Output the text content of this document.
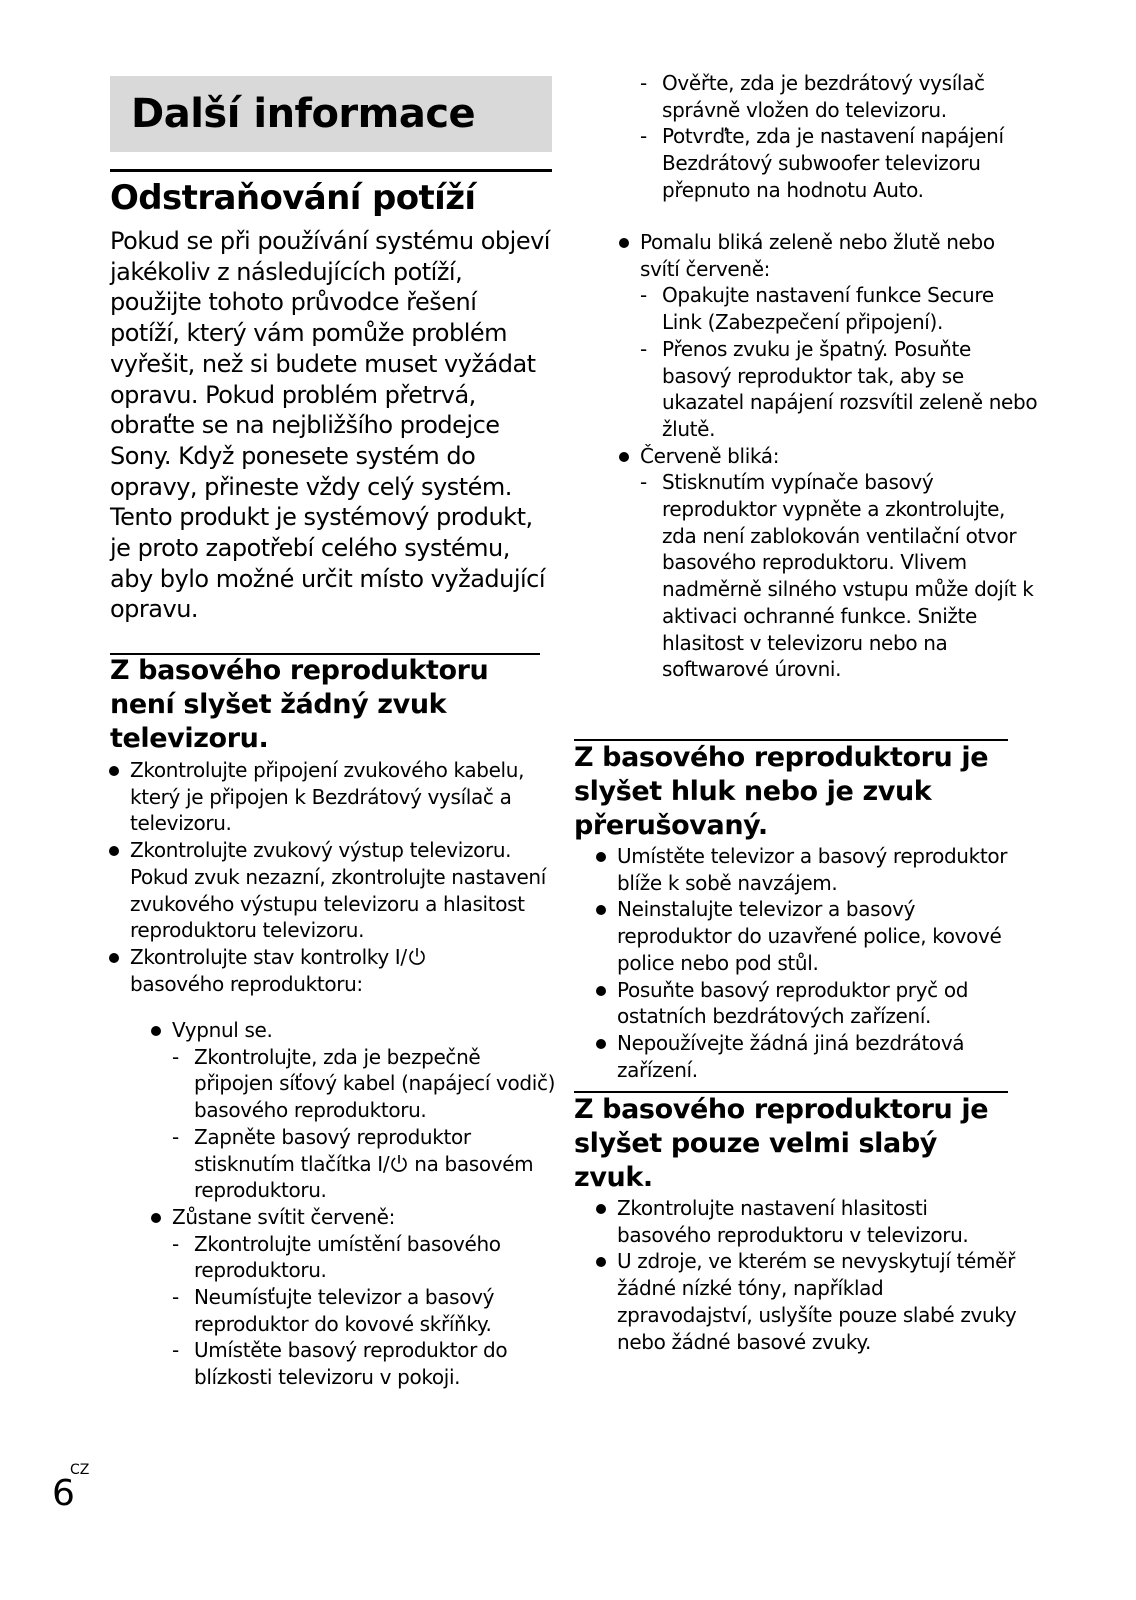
Další informace
Odstraňování potíží

Pokud se při používání systému objeví jakékoliv z následujících potíží, použijte tohoto průvodce řešení potíží, který vám pomůže problém vyřešit, než si budete muset vyžádat opravu. Pokud problém přetrvá, obraťte se na nejbližšího prodejce Sony. Když ponesete systém do opravy, přineste vždy celý systém. Tento produkt je systémový produkt, je proto zapotřebí celého systému, aby bylo možné určit místo vyžadující opravu.

Z basového reproduktoru není slyšet žádný zvuk televizoru.
Zkontrolujte připojení zvukového kabelu, který je připojen k Bezdrátový vysílač a televizoru.
Zkontrolujte zvukový výstup televizoru. Pokud zvuk nezazní, zkontrolujte nastavení zvukového výstupu televizoru a hlasitost reproduktoru televizoru.
Zkontrolujte stav kontrolky I/
basového reproduktoru:
Vypnul se.
- Zkontrolujte, zda je bezpečně připojen síťový kabel (napájecí vodič) basového reproduktoru.
- Zapněte basový reproduktor stisknutím tlačítka I/ na basovém reproduktoru.
Zůstane svítit červeně:
- Zkontrolujte umístění basového reproduktoru.
- Neumísťujte televizor a basový reproduktor do kovové skříňky.
- Umístěte basový reproduktor do blízkosti televizoru v pokoji.
6
CZ
- Ověřte, zda je bezdrátový vysílač správně vložen do televizoru.
- Potvrďte, zda je nastavení napájení Bezdrátový subwoofer televizoru přepnuto na hodnotu Auto.
Pomalu bliká zeleně nebo žlutě nebo svítí červeně:
- Opakujte nastavení funkce Secure Link (Zabezpečení připojení).
- Přenos zvuku je špatný. Posuňte basový reproduktor tak, aby se ukazatel napájení rozsvítil zeleně nebo žlutě.
Červeně bliká:
- Stisknutím vypínače basový reproduktor vypněte a zkontrolujte, zda není zablokován ventilační otvor basového reproduktoru. Vlivem nadměrně silného vstupu může dojít k aktivaci ochranné funkce. Snižte hlasitost v televizoru nebo na softwarové úrovni.
Z basového reproduktoru je slyšet hluk nebo je zvuk přerušovaný.
Umístěte televizor a basový reproduktor blíže k sobě navzájem.
Neinstalujte televizor a basový reproduktor do uzavřené police, kovové police nebo pod stůl.
Posuňte basový reproduktor pryč od ostatních bezdrátových zařízení.
Nepoužívejte žádná jiná bezdrátová zařízení.
Z basového reproduktoru je slyšet pouze velmi slabý zvuk.
Zkontrolujte nastavení hlasitosti basového reproduktoru v televizoru.
U zdroje, ve kterém se nevyskytují téměř žádné nízké tóny, například zpravodajství, uslyšíte pouze slabé zvuky nebo žádné basové zvuky.
